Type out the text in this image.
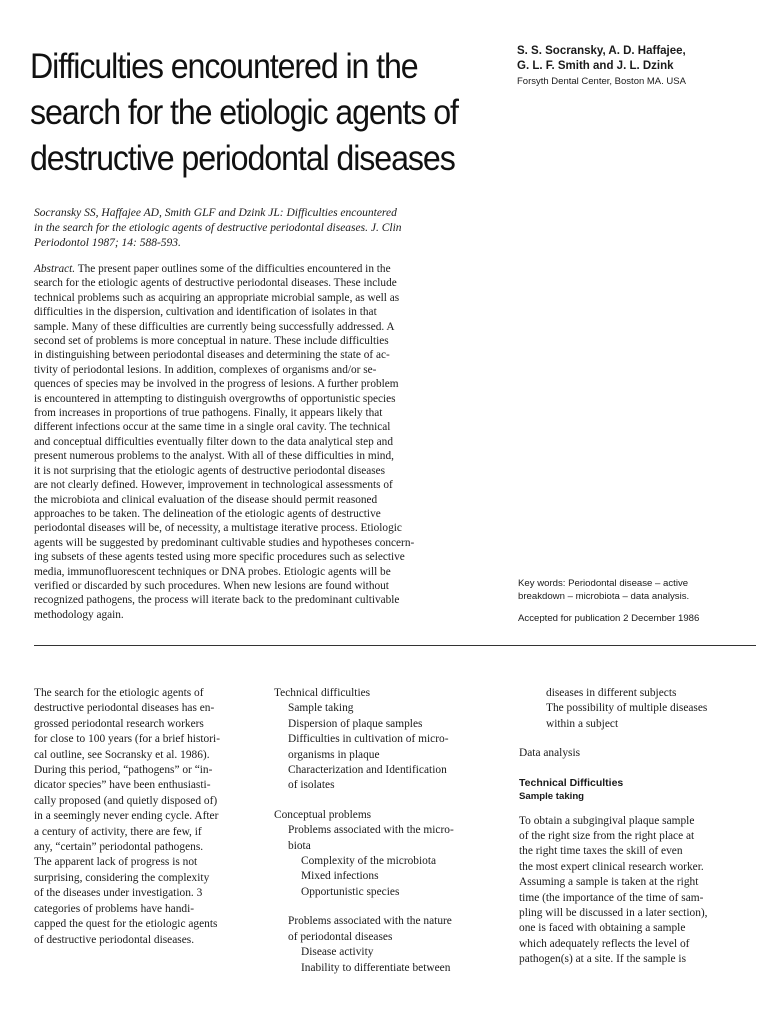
Difficulties encountered in the
search for the etiologic agents of
destructive periodontal diseases
S. S. Socransky, A. D. Haffajee,
G. L. F. Smith and J. L. Dzink
Forsyth Dental Center, Boston MA. USA
Socransky SS, Haffajee AD, Smith GLF and Dzink JL: Difficulties encountered
in the search for the etiologic agents of destructive periodontal diseases. J. Clin
Periodontol 1987; 14: 588-593.
Abstract. The present paper outlines some of the difficulties encountered in the
search for the etiologic agents of destructive periodontal diseases. These include
technical problems such as acquiring an appropriate microbial sample, as well as
difficulties in the dispersion, cultivation and identification of isolates in that
sample. Many of these difficulties are currently being successfully addressed. A
second set of problems is more conceptual in nature. These include difficulties
in distinguishing between periodontal diseases and determining the state of ac-
tivity of periodontal lesions. In addition, complexes of organisms and/or se-
quences of species may be involved in the progress of lesions. A further problem
is encountered in attempting to distinguish overgrowths of opportunistic species
from increases in proportions of true pathogens. Finally, it appears likely that
different infections occur at the same time in a single oral cavity. The technical
and conceptual difficulties eventually filter down to the data analytical step and
present numerous problems to the analyst. With all of these difficulties in mind,
it is not surprising that the etiologic agents of destructive periodontal diseases
are not clearly defined. However, improvement in technological assessments of
the microbiota and clinical evaluation of the disease should permit reasoned
approaches to be taken. The delineation of the etiologic agents of destructive
periodontal diseases will be, of necessity, a multistage iterative process. Etiologic
agents will be suggested by predominant cultivable studies and hypotheses concern-
ing subsets of these agents tested using more specific procedures such as selective
media, immunofluorescent techniques or DNA probes. Etiologic agents will be
verified or discarded by such procedures. When new lesions are found without
recognized pathogens, the process will iterate back to the predominant cultivable
methodology again.
Key words: Periodontal disease – active
breakdown – microbiota – data analysis.
Accepted for publication 2 December 1986
The search for the etiologic agents of
destructive periodontal diseases has en-
grossed periodontal research workers
for close to 100 years (for a brief histori-
cal outline, see Socransky et al. 1986).
During this period, “pathogens” or “in-
dicator species” have been enthusiasti-
cally proposed (and quietly disposed of)
in a seemingly never ending cycle. After
a century of activity, there are few, if
any, “certain” periodontal pathogens.
The apparent lack of progress is not
surprising, considering the complexity
of the diseases under investigation. 3
categories of problems have handi-
capped the quest for the etiologic agents
of destructive periodontal diseases.
Technical difficulties
Sample taking
Dispersion of plaque samples
Difficulties in cultivation of micro-
organisms in plaque
Characterization and Identification
of isolates
Conceptual problems
Problems associated with the micro-
biota
Complexity of the microbiota
Mixed infections
Opportunistic species
Problems associated with the nature
of periodontal diseases
Disease activity
Inability to differentiate between
diseases in different subjects
The possibility of multiple diseases
within a subject
Data analysis
Technical Difficulties
Sample taking
To obtain a subgingival plaque sample
of the right size from the right place at
the right time taxes the skill of even
the most expert clinical research worker.
Assuming a sample is taken at the right
time (the importance of the time of sam-
pling will be discussed in a later section),
one is faced with obtaining a sample
which adequately reflects the level of
pathogen(s) at a site. If the sample is
